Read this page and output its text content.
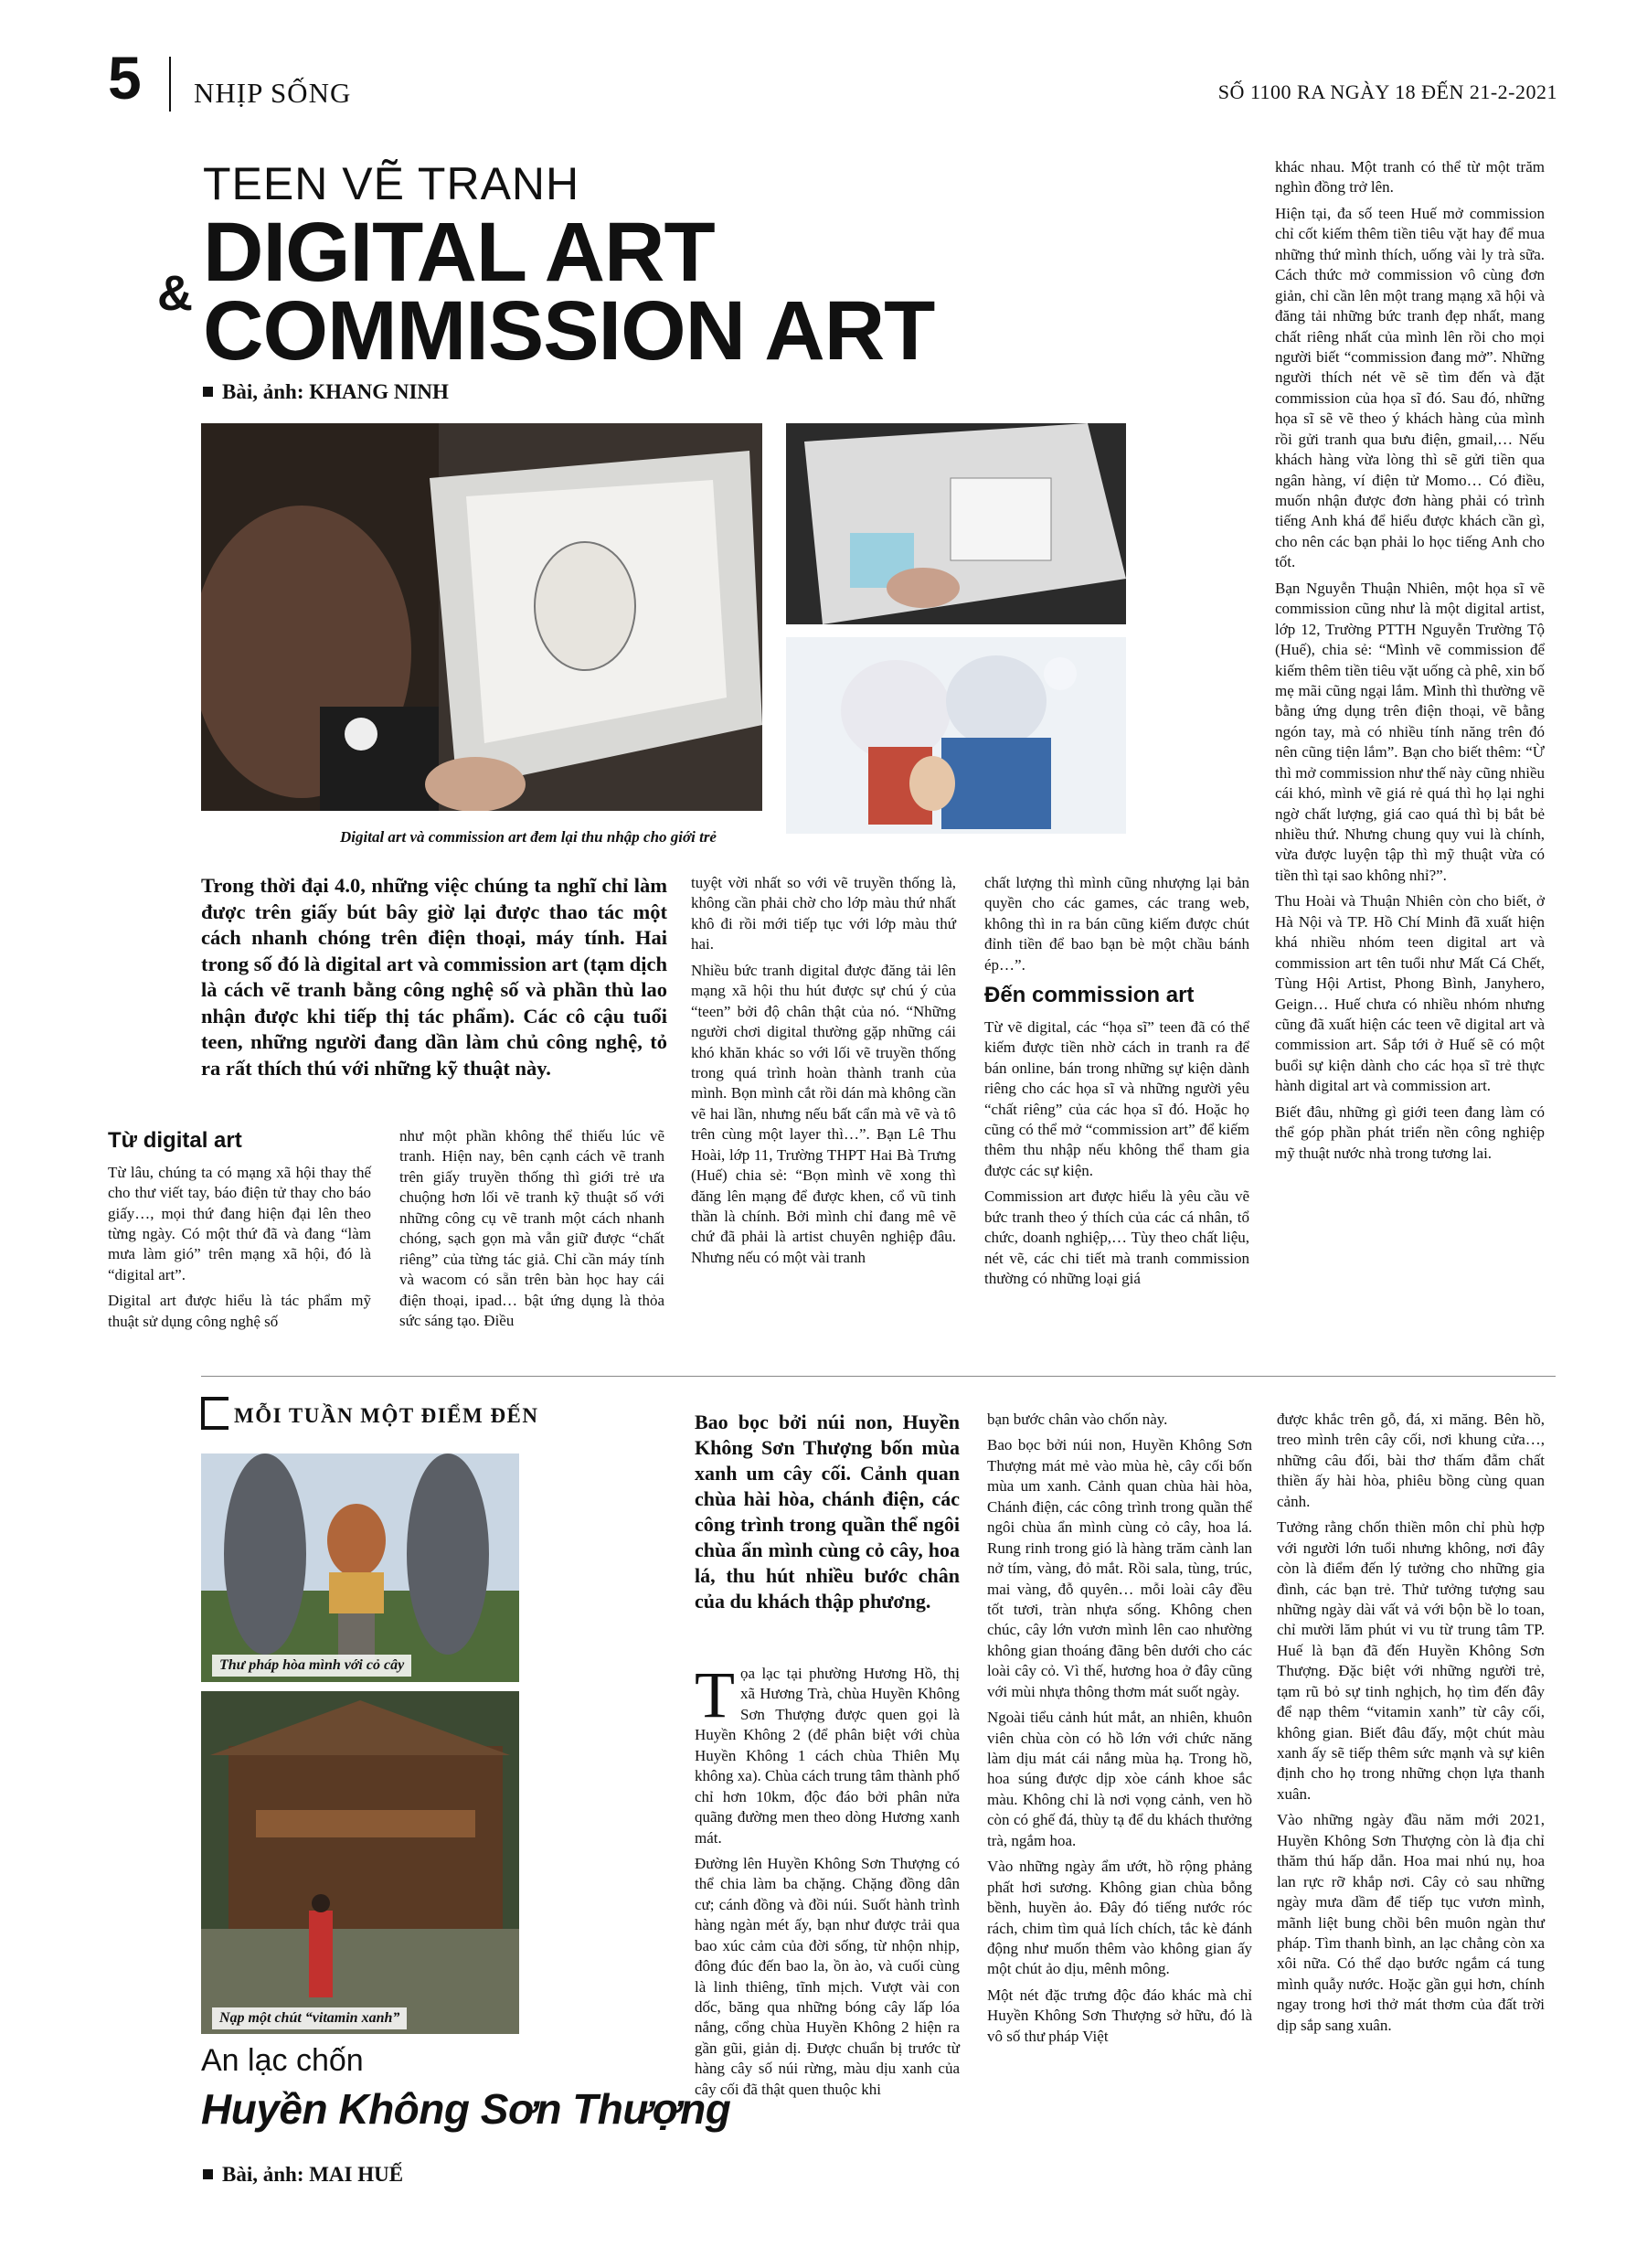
5 NHỊP SỐNG	SỐ 1100 RA NGÀY 18 ĐẾN 21-2-2021
TEEN VẼ TRANH
& DIGITAL ART
COMMISSION ART
Bài, ảnh: KHANG NINH
Digital art và commission art đem lại thu nhập cho giới trẻ
Trong thời đại 4.0, những việc chúng ta nghĩ chỉ làm được trên giấy bút bây giờ lại được thao tác một cách nhanh chóng trên điện thoại, máy tính. Hai trong số đó là digital art và commission art (tạm dịch là cách vẽ tranh bằng công nghệ số và phần thù lao nhận được khi tiếp thị tác phẩm). Các cô cậu tuổi teen, những người đang dần làm chủ công nghệ, tỏ ra rất thích thú với những kỹ thuật này.
Từ digital art

Từ lâu, chúng ta có mạng xã hội thay thế cho thư viết tay, báo điện tử thay cho báo giấy…, mọi thứ đang hiện đại lên theo từng ngày. Có một thứ đã và đang “làm mưa làm gió” trên mạng xã hội, đó là “digital art”.

Digital art được hiểu là tác phẩm mỹ thuật sử dụng công nghệ số

như một phần không thể thiếu lúc vẽ tranh. Hiện nay, bên cạnh cách vẽ tranh trên giấy truyền thống thì giới trẻ ưa chuộng hơn lối vẽ tranh kỹ thuật số với những công cụ vẽ tranh một cách nhanh chóng, sạch gọn mà vẫn giữ được “chất riêng” của từng tác giả. Chỉ cần máy tính và wacom có sẵn trên bàn học hay cái điện thoại, ipad… bật ứng dụng là thỏa sức sáng tạo. Điều

tuyệt vời nhất so với vẽ truyền thống là, không cần phải chờ cho lớp màu thứ nhất khô đi rồi mới tiếp tục với lớp màu thứ hai.

Nhiều bức tranh digital được đăng tải lên mạng xã hội thu hút được sự chú ý của “teen” bởi độ chân thật của nó. “Những người chơi digital thường gặp những cái khó khăn khác so với lối vẽ truyền thống trong quá trình hoàn thành tranh của mình. Bọn mình cắt rồi dán mà không cần vẽ hai lần, nhưng nếu bất cẩn mà vẽ và tô trên cùng một layer thì…”. Bạn Lê Thu Hoài, lớp 11, Trường THPT Hai Bà Trưng (Huế) chia sẻ: “Bọn mình vẽ xong thì đăng lên mạng để được khen, cổ vũ tinh thần là chính. Bởi mình chỉ đang mê vẽ chứ đã phải là artist chuyên nghiệp đâu. Nhưng nếu có một vài tranh

chất lượng thì mình cũng nhượng lại bản quyền cho các games, các trang web, không thì in ra bán cũng kiếm được chút đỉnh tiền để bao bạn bè một chầu bánh ép…”.

Đến commission art

Từ vẽ digital, các “họa sĩ” teen đã có thể kiếm được tiền nhờ cách in tranh ra để bán online, bán trong những sự kiện dành riêng cho các họa sĩ và những người yêu “chất riêng” của các họa sĩ đó. Hoặc họ cũng có thể mở “commission art” để kiếm thêm thu nhập nếu không thể tham gia được các sự kiện.

Commission art được hiểu là yêu cầu vẽ bức tranh theo ý thích của các cá nhân, tổ chức, doanh nghiệp,… Tùy theo chất liệu, nét vẽ, các chi tiết mà tranh commission thường có những loại giá

khác nhau. Một tranh có thể từ một trăm nghìn đồng trở lên.

Hiện tại, đa số teen Huế mở commission chỉ cốt kiếm thêm tiền tiêu vặt hay để mua những thứ mình thích, uống vài ly trà sữa. Cách thức mở commission vô cùng đơn giản, chỉ cần lên một trang mạng xã hội và đăng tải những bức tranh đẹp nhất, mang chất riêng nhất của mình lên rồi cho mọi người biết “commission đang mở”. Những người thích nét vẽ sẽ tìm đến và đặt commission của họa sĩ đó. Sau đó, những họa sĩ sẽ vẽ theo ý khách hàng của mình rồi gửi tranh qua bưu điện, gmail,… Nếu khách hàng vừa lòng thì sẽ gửi tiền qua ngân hàng, ví điện tử Momo… Có điều, muốn nhận được đơn hàng phải có trình tiếng Anh khá để hiểu được khách cần gì, cho nên các bạn phải lo học tiếng Anh cho tốt.

Bạn Nguyễn Thuận Nhiên, một họa sĩ vẽ commission cũng như là một digital artist, lớp 12, Trường PTTH Nguyễn Trường Tộ (Huế), chia sẻ: “Mình vẽ commission để kiếm thêm tiền tiêu vặt uống cà phê, xin bố mẹ mãi cũng ngại lắm. Mình thì thường vẽ bằng ứng dụng trên điện thoại, vẽ bằng ngón tay, mà có nhiều tính năng trên đó nên cũng tiện lắm”. Bạn cho biết thêm: “Ừ thì mở commission như thế này cũng nhiều cái khó, mình vẽ giá rẻ quá thì họ lại nghi ngờ chất lượng, giá cao quá thì bị bắt bẻ nhiều thứ. Nhưng chung quy vui là chính, vừa được luyện tập thì mỹ thuật vừa có tiền thì tại sao không nhỉ?”.

Thu Hoài và Thuận Nhiên còn cho biết, ở Hà Nội và TP. Hồ Chí Minh đã xuất hiện khá nhiều nhóm teen digital art và commission art tên tuổi như Mất Cá Chết, Tùng Hội Artist, Phong Bình, Janyhero, Geign… Huế chưa có nhiều nhóm nhưng cũng đã xuất hiện các teen vẽ digital art và commission art. Sắp tới ở Huế sẽ có một buổi sự kiện dành cho các họa sĩ trẻ thực hành digital art và commission art.

Biết đâu, những gì giới teen đang làm có thể góp phần phát triển nền công nghiệp mỹ thuật nước nhà trong tương lai.

MỖI TUẦN MỘT ĐIỂM ĐẾN
Thư pháp hòa mình với cỏ cây
Nạp một chút “vitamin xanh”
An lạc chốn
Huyền Không Sơn Thượng
Bài, ảnh: MAI HUẾ
Bao bọc bởi núi non, Huyền Không Sơn Thượng bốn mùa xanh um cây cối. Cảnh quan chùa hài hòa, chánh điện, các công trình trong quần thể ngôi chùa ẩn mình cùng cỏ cây, hoa lá, thu hút nhiều bước chân của du khách thập phương.

Tọa lạc tại phường Hương Hồ, thị xã Hương Trà, chùa Huyền Không Sơn Thượng được quen gọi là Huyền Không 2 (để phân biệt với chùa Huyền Không 1 cách chùa Thiên Mụ không xa). Chùa cách trung tâm thành phố chỉ hơn 10km, độc đáo bởi phân nửa quãng đường men theo dòng Hương xanh mát.

Đường lên Huyền Không Sơn Thượng có thể chia làm ba chặng. Chặng đồng dân cư; cánh đồng và đồi núi. Suốt hành trình hàng ngàn mét ấy, bạn như được trải qua bao xúc cảm của đời sống, từ nhộn nhịp, đông đúc đến bao la, ồn ào, và cuối cùng là linh thiêng, tĩnh mịch. Vượt vài con dốc, băng qua những bóng cây lấp lóa nắng, cổng chùa Huyền Không 2 hiện ra gần gũi, giản dị. Được chuẩn bị trước từ hàng cây số núi rừng, màu dịu xanh của cây cối đã thật quen thuộc khi

bạn bước chân vào chốn này.

Bao bọc bởi núi non, Huyền Không Sơn Thượng mát mẻ vào mùa hè, cây cối bốn mùa um xanh. Cảnh quan chùa hài hòa, Chánh điện, các công trình trong quần thể ngôi chùa ẩn mình cùng cỏ cây, hoa lá. Rung rinh trong gió là hàng trăm cành lan nở tím, vàng, đỏ mắt. Rồi sala, tùng, trúc, mai vàng, đỗ quyên… mỗi loài cây đều tốt tươi, tràn nhựa sống. Không chen chúc, cây lớn vươn mình lên cao nhường không gian thoáng đãng bên dưới cho các loài cây cỏ. Vì thế, hương hoa ở đây cũng với mùi nhựa thông thơm mát suốt ngày.

Ngoài tiểu cảnh hút mắt, an nhiên, khuôn viên chùa còn có hồ lớn với chức năng làm dịu mát cái nắng mùa hạ. Trong hồ, hoa súng được dịp xòe cánh khoe sắc màu. Không chỉ là nơi vọng cảnh, ven hồ còn có ghế đá, thùy tạ để du khách thưởng trà, ngắm hoa.

Vào những ngày ẩm ướt, hồ rộng phảng phất hơi sương. Không gian chùa bỗng bềnh, huyền ảo. Đây đó tiếng nước róc rách, chim tìm quả lích chích, tắc kè đánh động như muốn thêm vào không gian ấy một chút ảo dịu, mênh mông.

Một nét đặc trưng độc đáo khác mà chỉ Huyền Không Sơn Thượng sở hữu, đó là vô số thư pháp Việt

được khắc trên gỗ, đá, xi măng. Bên hồ, treo mình trên cây cối, nơi khung cửa…, những câu đối, bài thơ thấm đẫm chất thiền ấy hài hòa, phiêu bồng cùng quan cảnh.

Tưởng rằng chốn thiền môn chỉ phù hợp với người lớn tuổi nhưng không, nơi đây còn là điểm đến lý tưởng cho những gia đình, các bạn trẻ. Thử tưởng tượng sau những ngày dài vất vả với bộn bề lo toan, chỉ mười lăm phút vi vu từ trung tâm TP. Huế là bạn đã đến Huyền Không Sơn Thượng. Đặc biệt với những người trẻ, tạm rũ bỏ sự tinh nghịch, họ tìm đến đây để nạp thêm “vitamin xanh” từ cây cối, không gian. Biết đâu đấy, một chút màu xanh ấy sẽ tiếp thêm sức mạnh và sự kiên định cho họ trong những chọn lựa thanh xuân.

Vào những ngày đầu năm mới 2021, Huyền Không Sơn Thượng còn là địa chỉ thăm thú hấp dẫn. Hoa mai nhú nụ, hoa lan rực rỡ khắp nơi. Cây cỏ sau những ngày mưa dầm để tiếp tục vươn mình, mãnh liệt bung chồi bên muôn ngàn thư pháp. Tìm thanh bình, an lạc chẳng còn xa xôi nữa. Có thể dạo bước ngắm cá tung mình quẫy nước. Hoặc gần gụi hơn, chính ngay trong hơi thở mát thơm của đất trời dịp sắp sang xuân.
